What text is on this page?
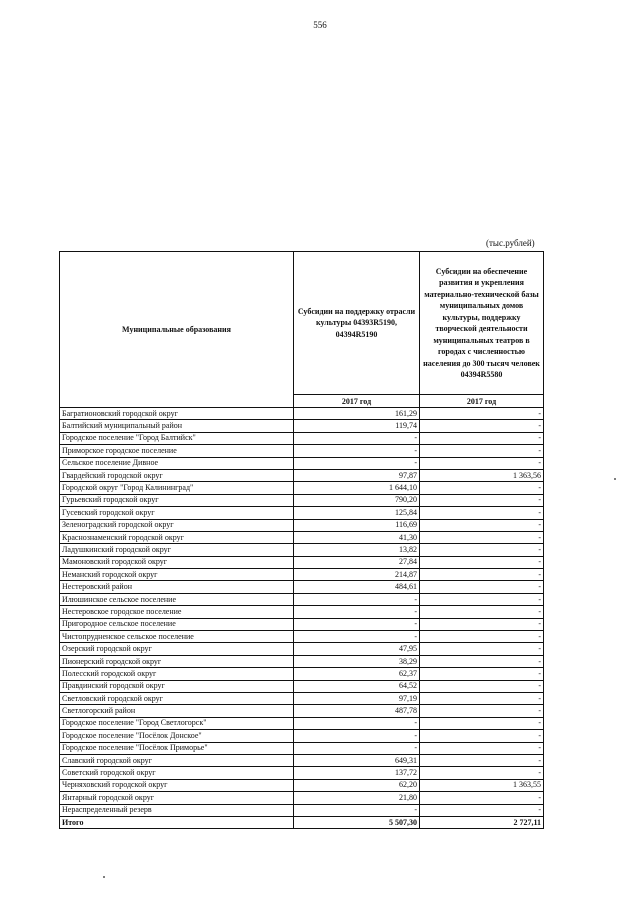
556
(тыс.рублей)
Муниципальные образования	Субсидии на поддержку отрасли культуры 04393R5190, 04394R5190	Субсидии на обеспечение развития и укрепления материально-технической базы муниципальных домов культуры, поддержку творческой деятельности муниципальных театров в городах с численностью населения до 300 тысяч человек 04394R5580
	2017 год	2017 год
Багратионовский городской округ	161,29	-
Балтийский муниципальный район	119,74	-
Городское поселение "Город Балтийск"	-	-
Приморское городское поселение	-	-
Сельское поселение Дивное	-	-
Гвардейский городской округ	97,87	1 363,56
Городской округ "Город Калининград"	1 644,10	-
Гурьевский городской округ	790,20	-
Гусевский городской округ	125,84	-
Зеленоградский городской округ	116,69	-
Краснознаменский городской округ	41,30	-
Ладушкинский городской округ	13,82	-
Мамоновский городской округ	27,84	-
Неманский городской округ	214,87	-
Нестеровский район	484,61	-
Илюшинское сельское поселение	-	-
Нестеровское городское поселение	-	-
Пригородное сельское поселение	-	-
Чистопрудненское сельское поселение	-	-
Озерский городской округ	47,95	-
Пионерский городской округ	38,29	-
Полесский городской округ	62,37	-
Правдинский городской округ	64,52	-
Светловский городской округ	97,19	-
Светлогорский район	487,78	-
Городское поселение "Город Светлогорск"	-	-
Городское поселение "Посёлок Донское"	-	-
Городское поселение "Посёлок Приморье"	-	-
Славский городской округ	649,31	-
Советский городской округ	137,72	-
Черняховский городской округ	62,20	1 363,55
Янтарный городской округ	21,80	-
Нераспределенный резерв	-	-
Итого	5 507,30	2 727,11
